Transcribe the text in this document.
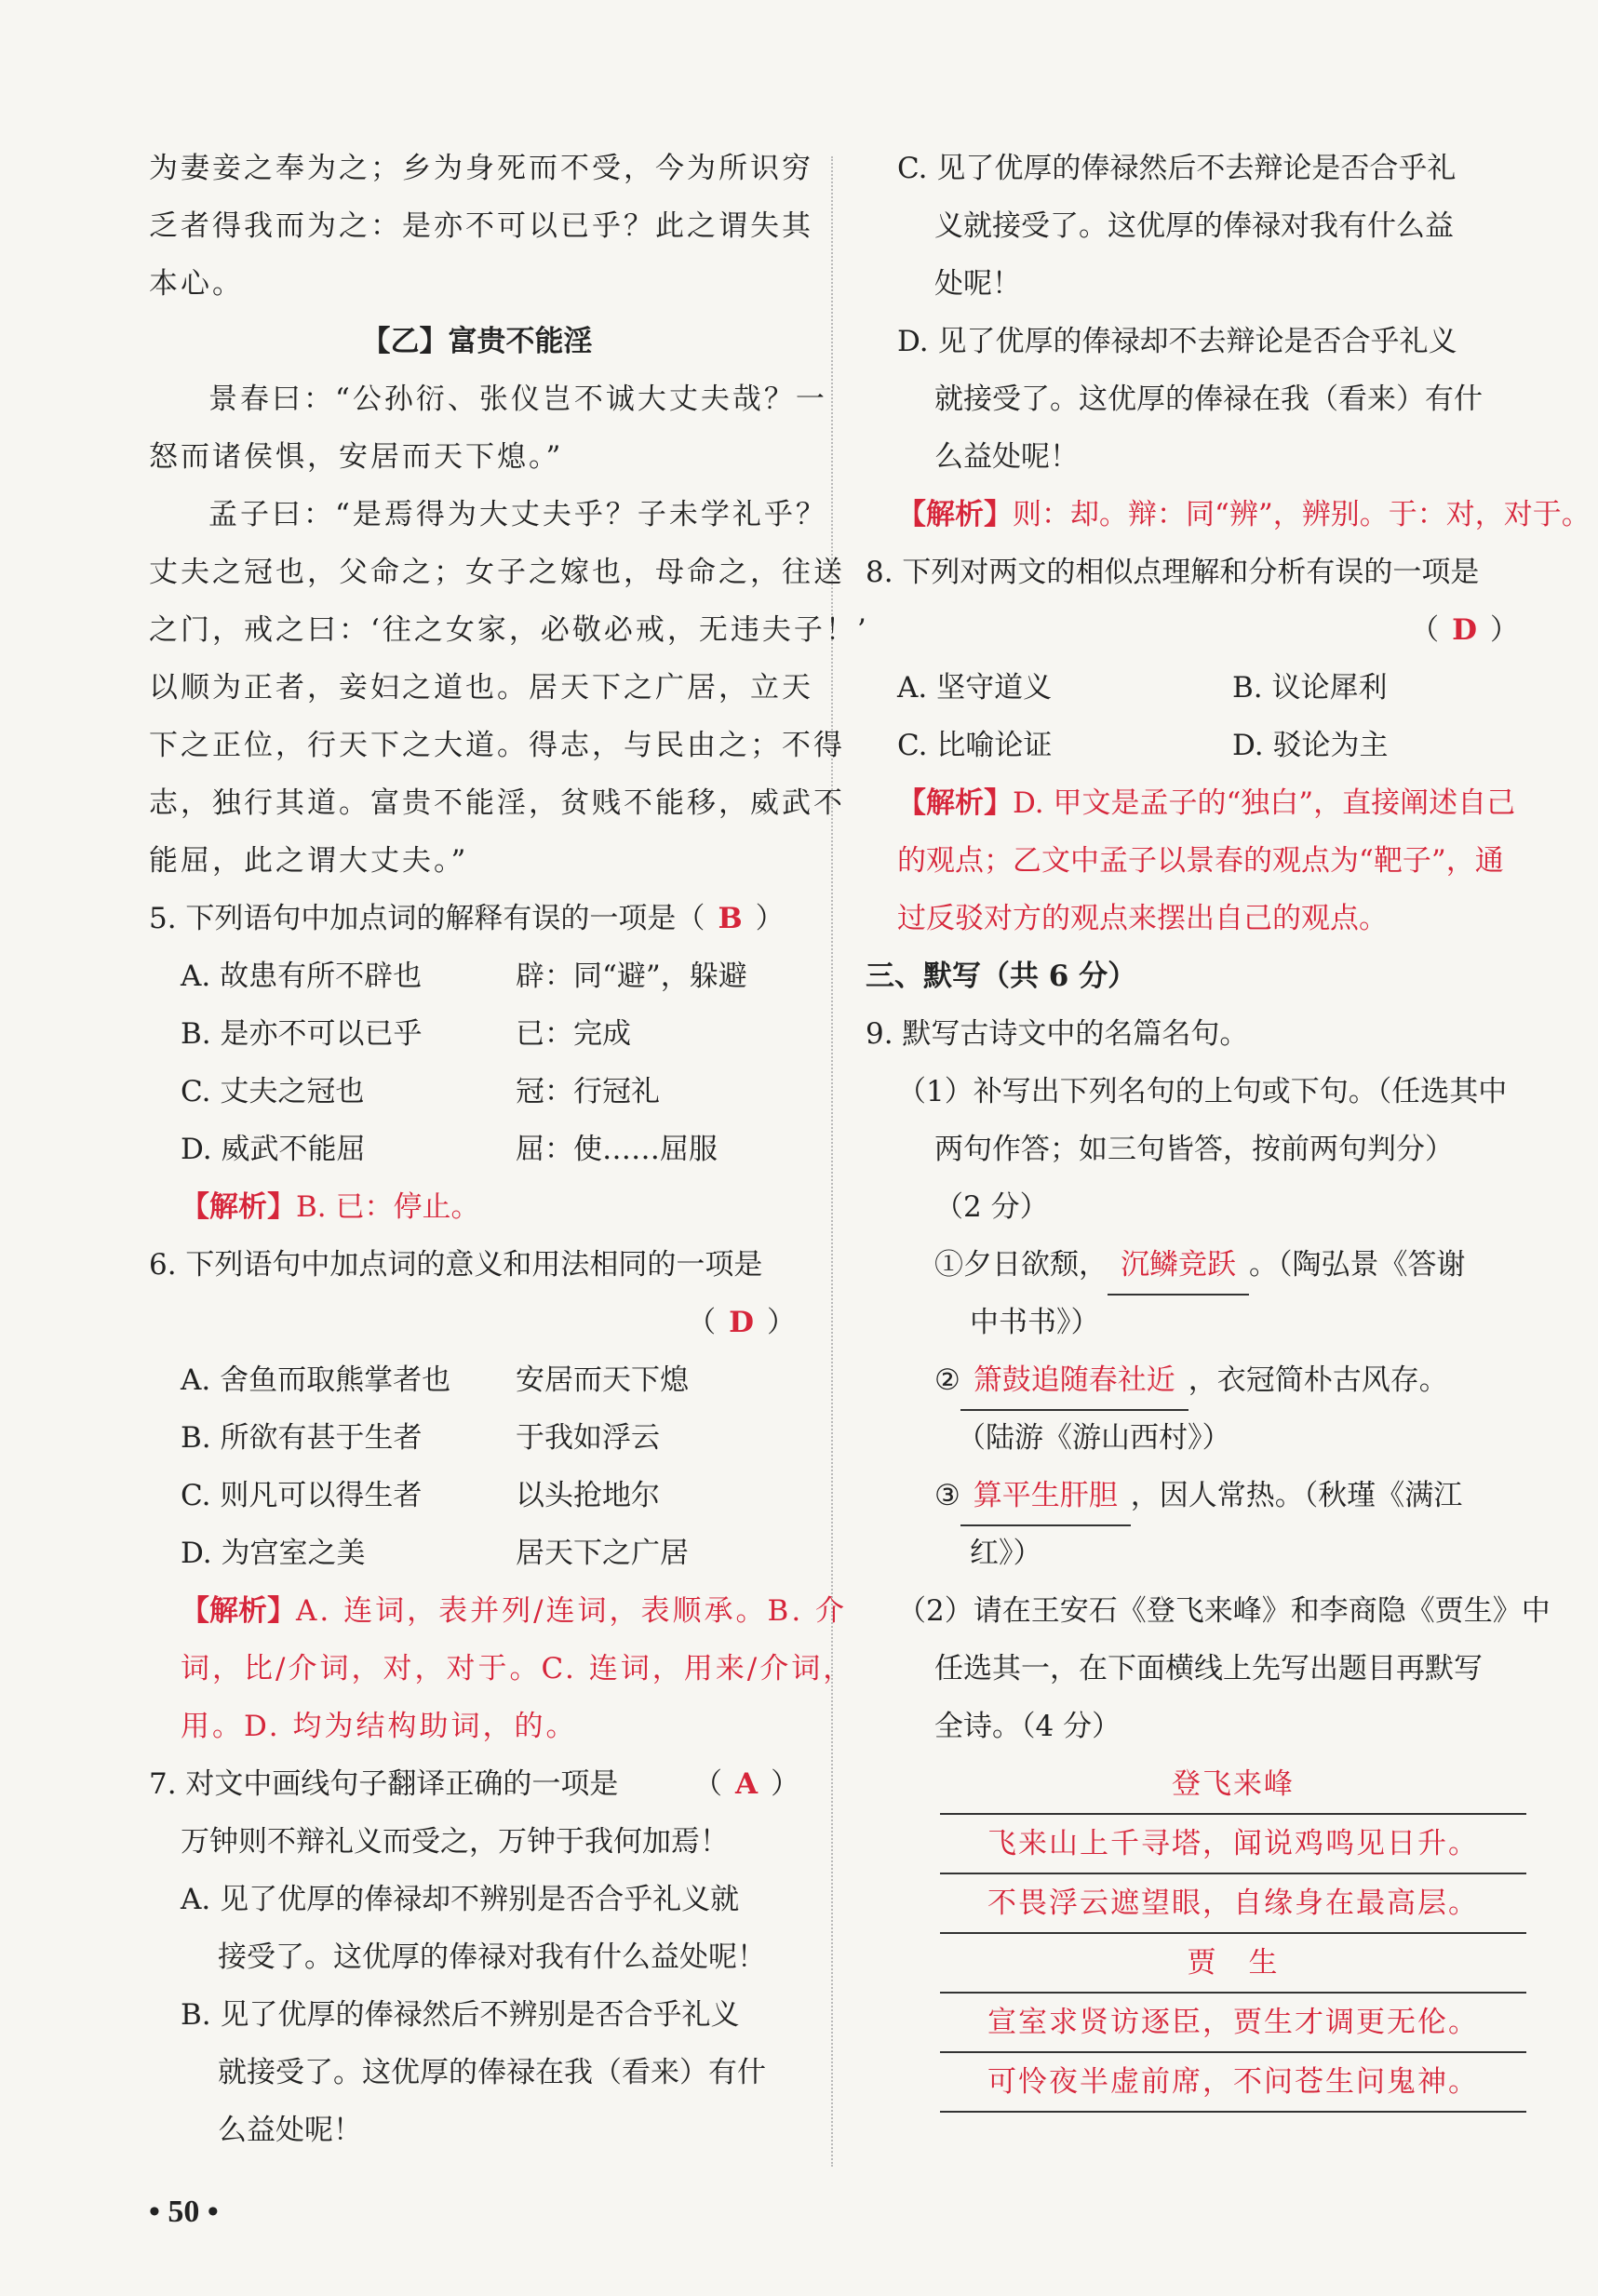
为妻妾之奉为之；乡为身死而不受，今为所识穷
乏者得我而为之：是亦不可以已乎？此之谓失其
本心。
【乙】富贵不能淫
景春曰：“公孙衍、张仪岂不诚大丈夫哉？一
怒而诸侯惧，安居而天下熄。”
孟子曰：“是焉得为大丈夫乎？子未学礼乎？
丈夫之冠也，父命之；女子之嫁也，母命之，往送
之门，戒之曰：‘往之女家，必敬必戒，无违夫子！’
以顺为正者，妾妇之道也。居天下之广居，立天
下之正位，行天下之大道。得志，与民由之；不得
志，独行其道。富贵不能淫，贫贱不能移，威武不
能屈，此之谓大丈夫。”
5. 下列语句中加点词的解释有误的一项是（ B ）
A. 故患有所不辟也	辟：同“避”，躲避
B. 是亦不可以已乎	已：完成
C. 丈夫之冠也	冠：行冠礼
D. 威武不能屈	屈：使……屈服
【解析】B. 已：停止。
6. 下列语句中加点词的意义和用法相同的一项是
（ D ）
A. 舍鱼而取熊掌者也	安居而天下熄
B. 所欲有甚于生者	于我如浮云
C. 则凡可以得生者	以头抢地尔
D. 为宫室之美	居天下之广居
【解析】A. 连词，表并列/连词，表顺承。B. 介
词，比/介词，对，对于。C. 连词，用来/介词，
用。D. 均为结构助词，的。
7. 对文中画线句子翻译正确的一项是	（ A ）
万钟则不辩礼义而受之，万钟于我何加焉！
A. 见了优厚的俸禄却不辨别是否合乎礼义就
接受了。这优厚的俸禄对我有什么益处呢！
B. 见了优厚的俸禄然后不辨别是否合乎礼义
就接受了。这优厚的俸禄在我（看来）有什
么益处呢！
• 50 •
C. 见了优厚的俸禄然后不去辩论是否合乎礼
义就接受了。这优厚的俸禄对我有什么益
处呢！
D. 见了优厚的俸禄却不去辩论是否合乎礼义
就接受了。这优厚的俸禄在我（看来）有什
么益处呢！
【解析】则：却。辩：同“辨”，辨别。于：对，对于。
8. 下列对两文的相似点理解和分析有误的一项是
（ D ）
A. 坚守道义	B. 议论犀利
C. 比喻论证	D. 驳论为主
【解析】D. 甲文是孟子的“独白”，直接阐述自己
的观点；乙文中孟子以景春的观点为“靶子”，通
过反驳对方的观点来摆出自己的观点。
三、默写（共 6 分）
9. 默写古诗文中的名篇名句。
（1）补写出下列名句的上句或下句。（任选其中
两句作答；如三句皆答，按前两句判分）
（2 分）
①夕日欲颓， 沉鳞竞跃 。（陶弘景《答谢
中书书》）
② 箫鼓追随春社近 ，衣冠简朴古风存。
（陆游《游山西村》）
③ 算平生肝胆 ，因人常热。（秋瑾《满江
红》）
（2）请在王安石《登飞来峰》和李商隐《贾生》中
任选其一，在下面横线上先写出题目再默写
全诗。（4 分）
登飞来峰
飞来山上千寻塔，闻说鸡鸣见日升。
不畏浮云遮望眼，自缘身在最高层。
贾　生
宣室求贤访逐臣，贾生才调更无伦。
可怜夜半虚前席，不问苍生问鬼神。
